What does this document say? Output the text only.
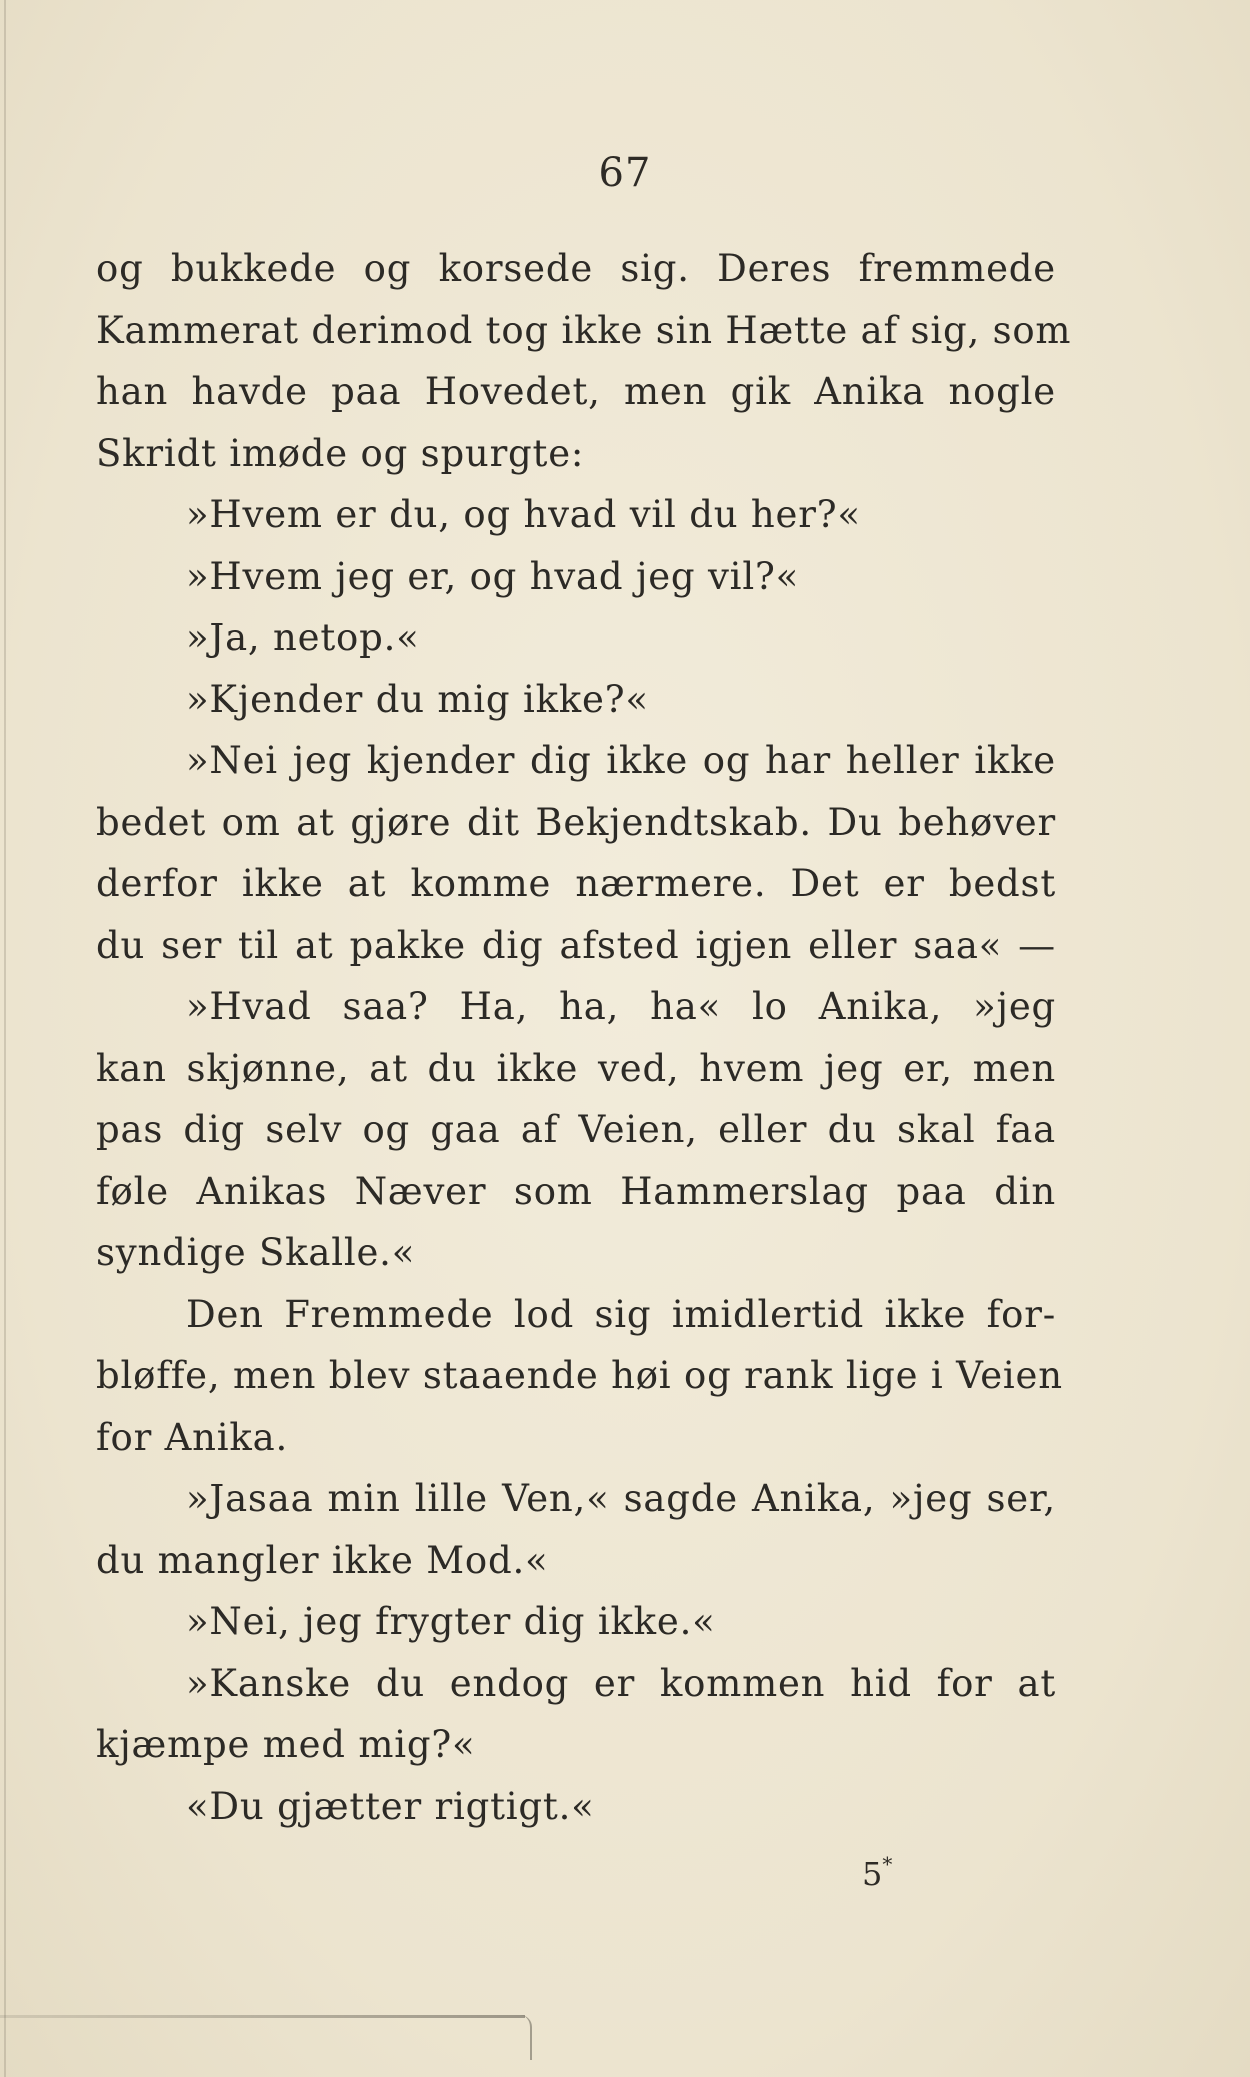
67
og bukkede og korsede sig. Deres fremmede
Kammerat derimod tog ikke sin Hætte af sig, som
han havde paa Hovedet, men gik Anika nogle
Skridt imøde og spurgte:
»Hvem er du, og hvad vil du her?«
»Hvem jeg er, og hvad jeg vil?«
»Ja, netop.«
»Kjender du mig ikke?«
»Nei jeg kjender dig ikke og har heller ikke
bedet om at gjøre dit Bekjendtskab. Du behøver
derfor ikke at komme nærmere. Det er bedst
du ser til at pakke dig afsted igjen eller saa« —
»Hvad saa? Ha, ha, ha« lo Anika, »jeg
kan skjønne, at du ikke ved, hvem jeg er, men
pas dig selv og gaa af Veien, eller du skal faa
føle Anikas Næver som Hammerslag paa din
syndige Skalle.«
Den Fremmede lod sig imidlertid ikke for-
bløffe, men blev staaende høi og rank lige i Veien
for Anika.
»Jasaa min lille Ven,« sagde Anika, »jeg ser,
du mangler ikke Mod.«
»Nei, jeg frygter dig ikke.«
»Kanske du endog er kommen hid for at
kjæmpe med mig?«
«Du gjætter rigtigt.«
5*
